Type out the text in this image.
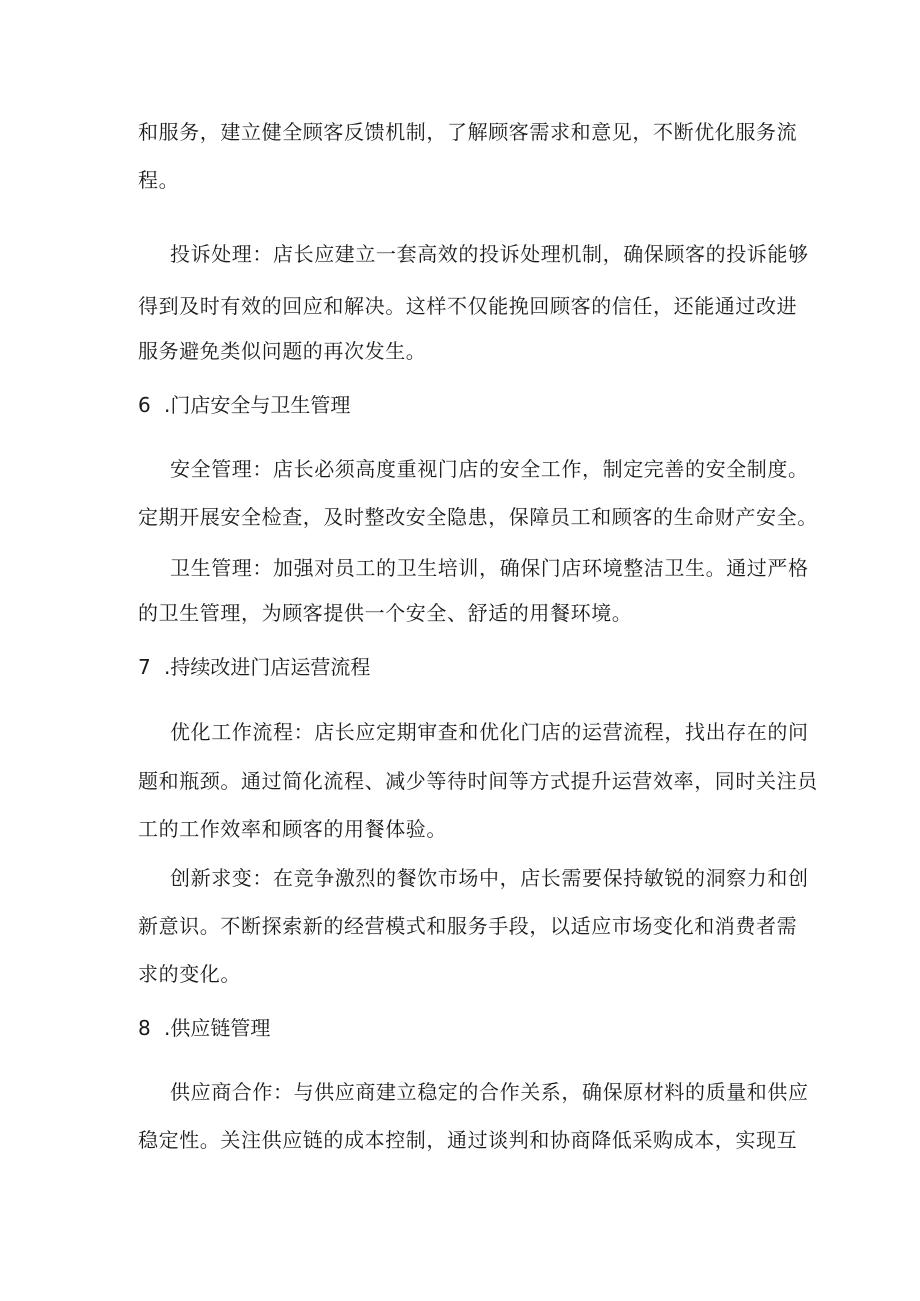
和服务，建立健全顾客反馈机制，了解顾客需求和意见，不断优化服务流
程。
投诉处理：店长应建立一套高效的投诉处理机制，确保顾客的投诉能够
得到及时有效的回应和解决。这样不仅能挽回顾客的信任，还能通过改进
服务避免类似问题的再次发生。
6 .门店安全与卫生管理
安全管理：店长必须高度重视门店的安全工作，制定完善的安全制度。
定期开展安全检查，及时整改安全隐患，保障员工和顾客的生命财产安全。
卫生管理：加强对员工的卫生培训，确保门店环境整洁卫生。通过严格
的卫生管理，为顾客提供一个安全、舒适的用餐环境。
7 .持续改进门店运营流程
优化工作流程：店长应定期审查和优化门店的运营流程，找出存在的问
题和瓶颈。通过简化流程、减少等待时间等方式提升运营效率，同时关注员
工的工作效率和顾客的用餐体验。
创新求变：在竞争激烈的餐饮市场中，店长需要保持敏锐的洞察力和创
新意识。不断探索新的经营模式和服务手段，以适应市场变化和消费者需
求的变化。
8 .供应链管理
供应商合作：与供应商建立稳定的合作关系，确保原材料的质量和供应
稳定性。关注供应链的成本控制，通过谈判和协商降低采购成本，实现互
